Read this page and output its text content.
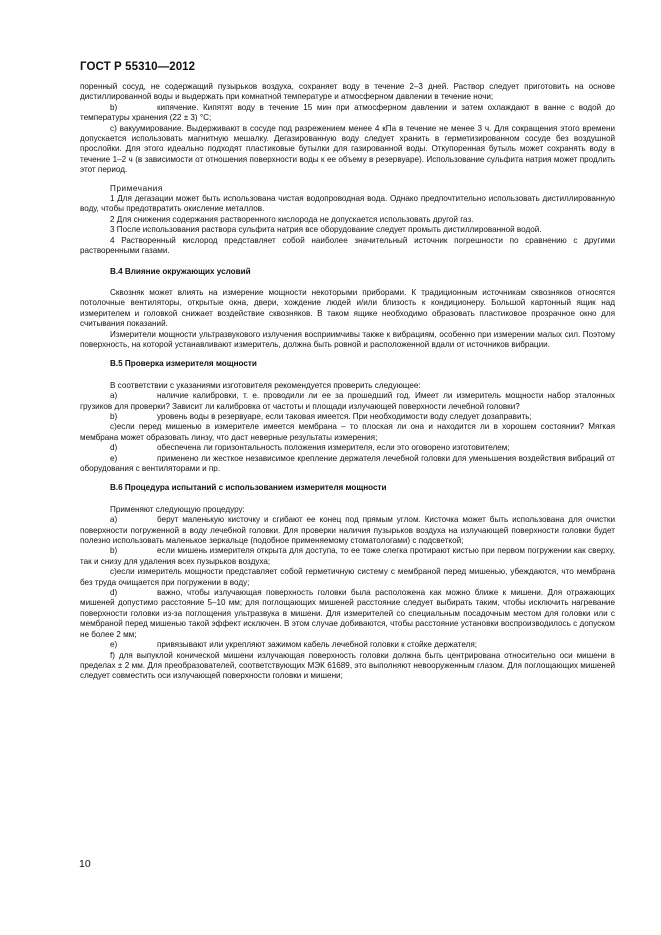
ГОСТ Р 55310—2012

поренный сосуд, не содержащий пузырьков воздуха, сохраняет воду в течение 2–3 дней. Раствор следует приготовить на основе дистиллированной воды и выдержать при комнатной температуре и атмосферном давлении в течение ночи;

b)	кипячение. Кипятят воду в течение 15 мин при атмосферном давлении и затем охлаждают в ванне с водой до температуры хранения (22 ± 3) °С;

с) вакуумирование. Выдерживают в сосуде под разрежением менее 4 кПа в течение не менее 3 ч. Для сокращения этого времени допускается использовать магнитную мешалку. Дегазированную воду следует хранить в герметизированном сосуде без воздушной прослойки. Для этого идеально подходят пластиковые бутылки для газированной воды. Откупоренная бутыль может сохранять воду в течение 1–2 ч (в зависимости от отношения поверхности воды к ее объему в резервуаре). Использование сульфита натрия может продлить этот период.

Примечания

1 Для дегазации может быть использована чистая водопроводная вода. Однако предпочтительно использовать дистиллированную воду, чтобы предотвратить окисление металлов.

2 Для снижения содержания растворенного кислорода не допускается использовать другой газ.

3 После использования раствора сульфита натрия все оборудование следует промыть дистиллированной водой.

4 Растворенный кислород представляет собой наиболее значительный источник погрешности по сравнению с другими растворенными газами.

В.4 Влияние окружающих условий

Сквозняк может влиять на измерение мощности некоторыми приборами. К традиционным источникам сквозняков относятся потолочные вентиляторы, открытые окна, двери, хождение людей и/или близость к кондиционеру. Большой картонный ящик над измерителем и головкой снижает воздействие сквозняков. В таком ящике необходимо образовать пластиковое прозрачное окно для считывания показаний.

Измерители мощности ультразвукового излучения восприимчивы также к вибрациям, особенно при измерении малых сил. Поэтому поверхность, на которой устанавливают измеритель, должна быть ровной и расположенной вдали от источников вибрации.

В.5 Проверка измерителя мощности

В соответствии с указаниями изготовителя рекомендуется проверить следующее:

а)	наличие калибровки, т. е. проводили ли ее за прошедший год. Имеет ли измеритель мощности набор эталонных грузиков для проверки? Зависит ли калибровка от частоты и площади излучающей поверхности лечебной головки?

b)	уровень воды в резервуаре, если таковая имеется. При необходимости воду следует дозаправить;

c)если перед мишенью в измерителе имеется мембрана – то плоская ли она и находится ли в хорошем состоянии? Мягкая мембрана может образовать линзу, что даст неверные результаты измерения;

d)	обеспечена ли горизонтальность положения измерителя, если это оговорено изготовителем;

е)	применено ли жесткое независимое крепление держателя лечебной головки для уменьшения воздействия вибраций от оборудования с вентиляторами и пр.

В.6 Процедура испытаний с использованием измерителя мощности

Применяют следующую процедуру:

а)	берут маленькую кисточку и сгибают ее конец под прямым углом. Кисточка может быть использована для очистки поверхности погруженной в воду лечебной головки. Для проверки наличия пузырьков воздуха на излучающей поверхности головки будет полезно использовать маленькое зеркальце (подобное применяемому стоматологами) с подсветкой;

b)	если мишень измерителя открыта для доступа, то ее тоже слегка протирают кистью при первом погружении как сверху, так и снизу для удаления всех пузырьков воздуха;

c)если измеритель мощности представляет собой герметичную систему с мембраной перед мишенью, убеждаются, что мембрана без труда очищается при погружении в воду;

d)	важно, чтобы излучающая поверхность головки была расположена как можно ближе к мишени. Для отражающих мишеней допустимо расстояние 5–10 мм; для поглощающих мишеней расстояние следует выбирать таким, чтобы исключить нагревание поверхности головки из-за поглощения ультразвука в мишени. Для измерителей со специальным посадочным местом для головки или с мембраной перед мишенью такой эффект исключен. В этом случае добиваются, чтобы расстояние установки воспроизводилось с допуском не более 2 мм;

е)	привязывают или укрепляют зажимом кабель лечебной головки к стойке держателя;

f) для выпуклой конической мишени излучающая поверхность головки должна быть центрирована относительно оси мишени в пределах ± 2 мм. Для преобразователей, соответствующих МЭК 61689, это выполняют невооруженным глазом. Для поглощающих мишеней следует совместить оси излучающей поверхности головки и мишени;

10
